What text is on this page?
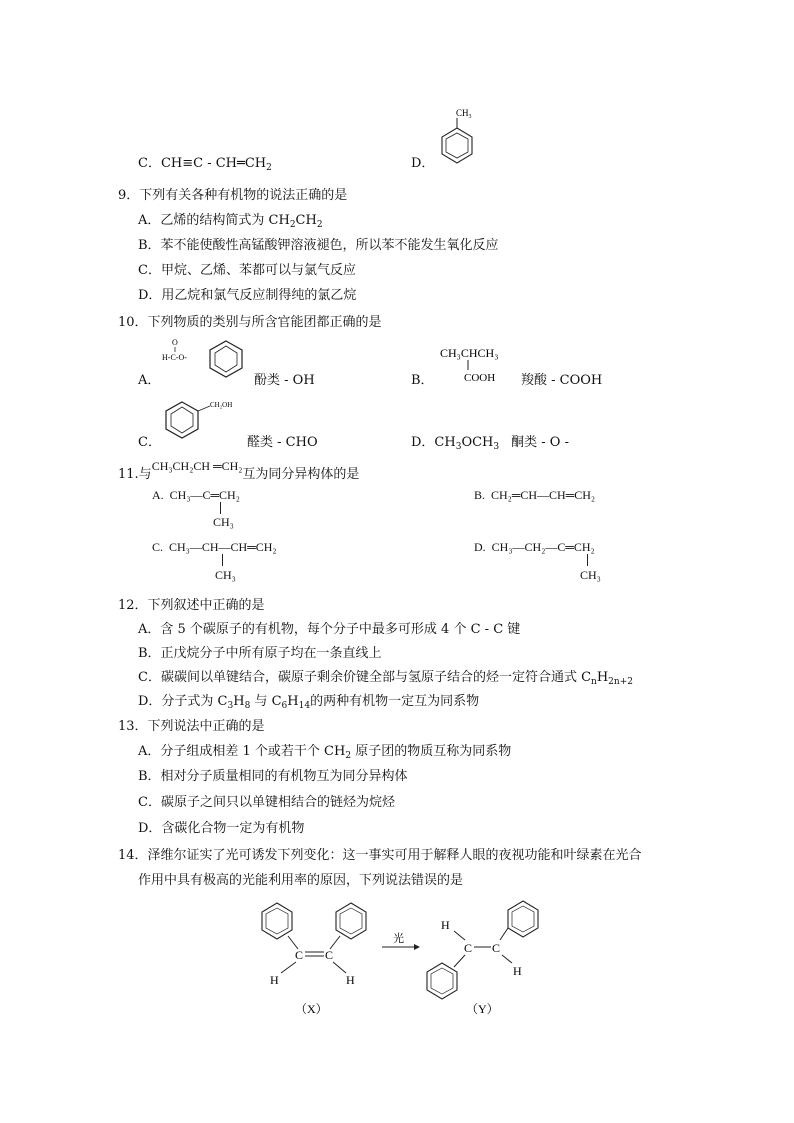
C．$CH\equiv C - CH═CH_2$	D．
$CH_3$
9．下列有关各种有机物的说法正确的是
A．乙烯的结构简式为 $CH_2CH_2$
B．苯不能使酸性高锰酸钾溶液褪色，所以苯不能发生氧化反应
C．甲烷、乙烯、苯都可以与氯气反应
D．用乙烷和氯气反应制得纯的氯乙烷
10．下列物质的类别与所含官能团都正确的是
A．
H-C-O-
O
酚类 - OH	B．
CH₃CHCH₃
COOH 羧酸 - COOH
C．
CH₂OH
醛类 - CHO	D．$CH_3OCH_3$ 酮类 - O -
11.与CH₃CH₂CH ═CH₂互为同分异构体的是
A. CH₃—C═CH₂
CH₃
B. CH₂═CH—CH═CH₂
C. CH₃—CH—CH═CH₂
CH₃
D. CH₃—CH₂—C═CH₂
CH₃
12．下列叙述中正确的是
A．含 5 个碳原子的有机物，每个分子中最多可形成 4 个 C - C 键
B．正戊烷分子中所有原子均在一条直线上
C．碳碳间以单键结合，碳原子剩余价键全部与氢原子结合的烃一定符合通式 $C_nH_{2n+2}$
D．分子式为 $C_3H_8$ 与 $C_6H_{14}$的两种有机物一定互为同系物
13．下列说法中正确的是
A．分子组成相差 1 个或若干个 $CH_2$ 原子团的物质互称为同系物
B．相对分子质量相同的有机物互为同分异构体
C．碳原子之间只以单键相结合的链烃为烷烃
D．含碳化合物一定为有机物
14．泽维尔证实了光可诱发下列变化：这一事实可用于解释人眼的夜视功能和叶绿素在光合
作用中具有极高的光能利用率的原因，下列说法错误的是
C C
H	H
（X）
光
H
C C
H
（Y）
